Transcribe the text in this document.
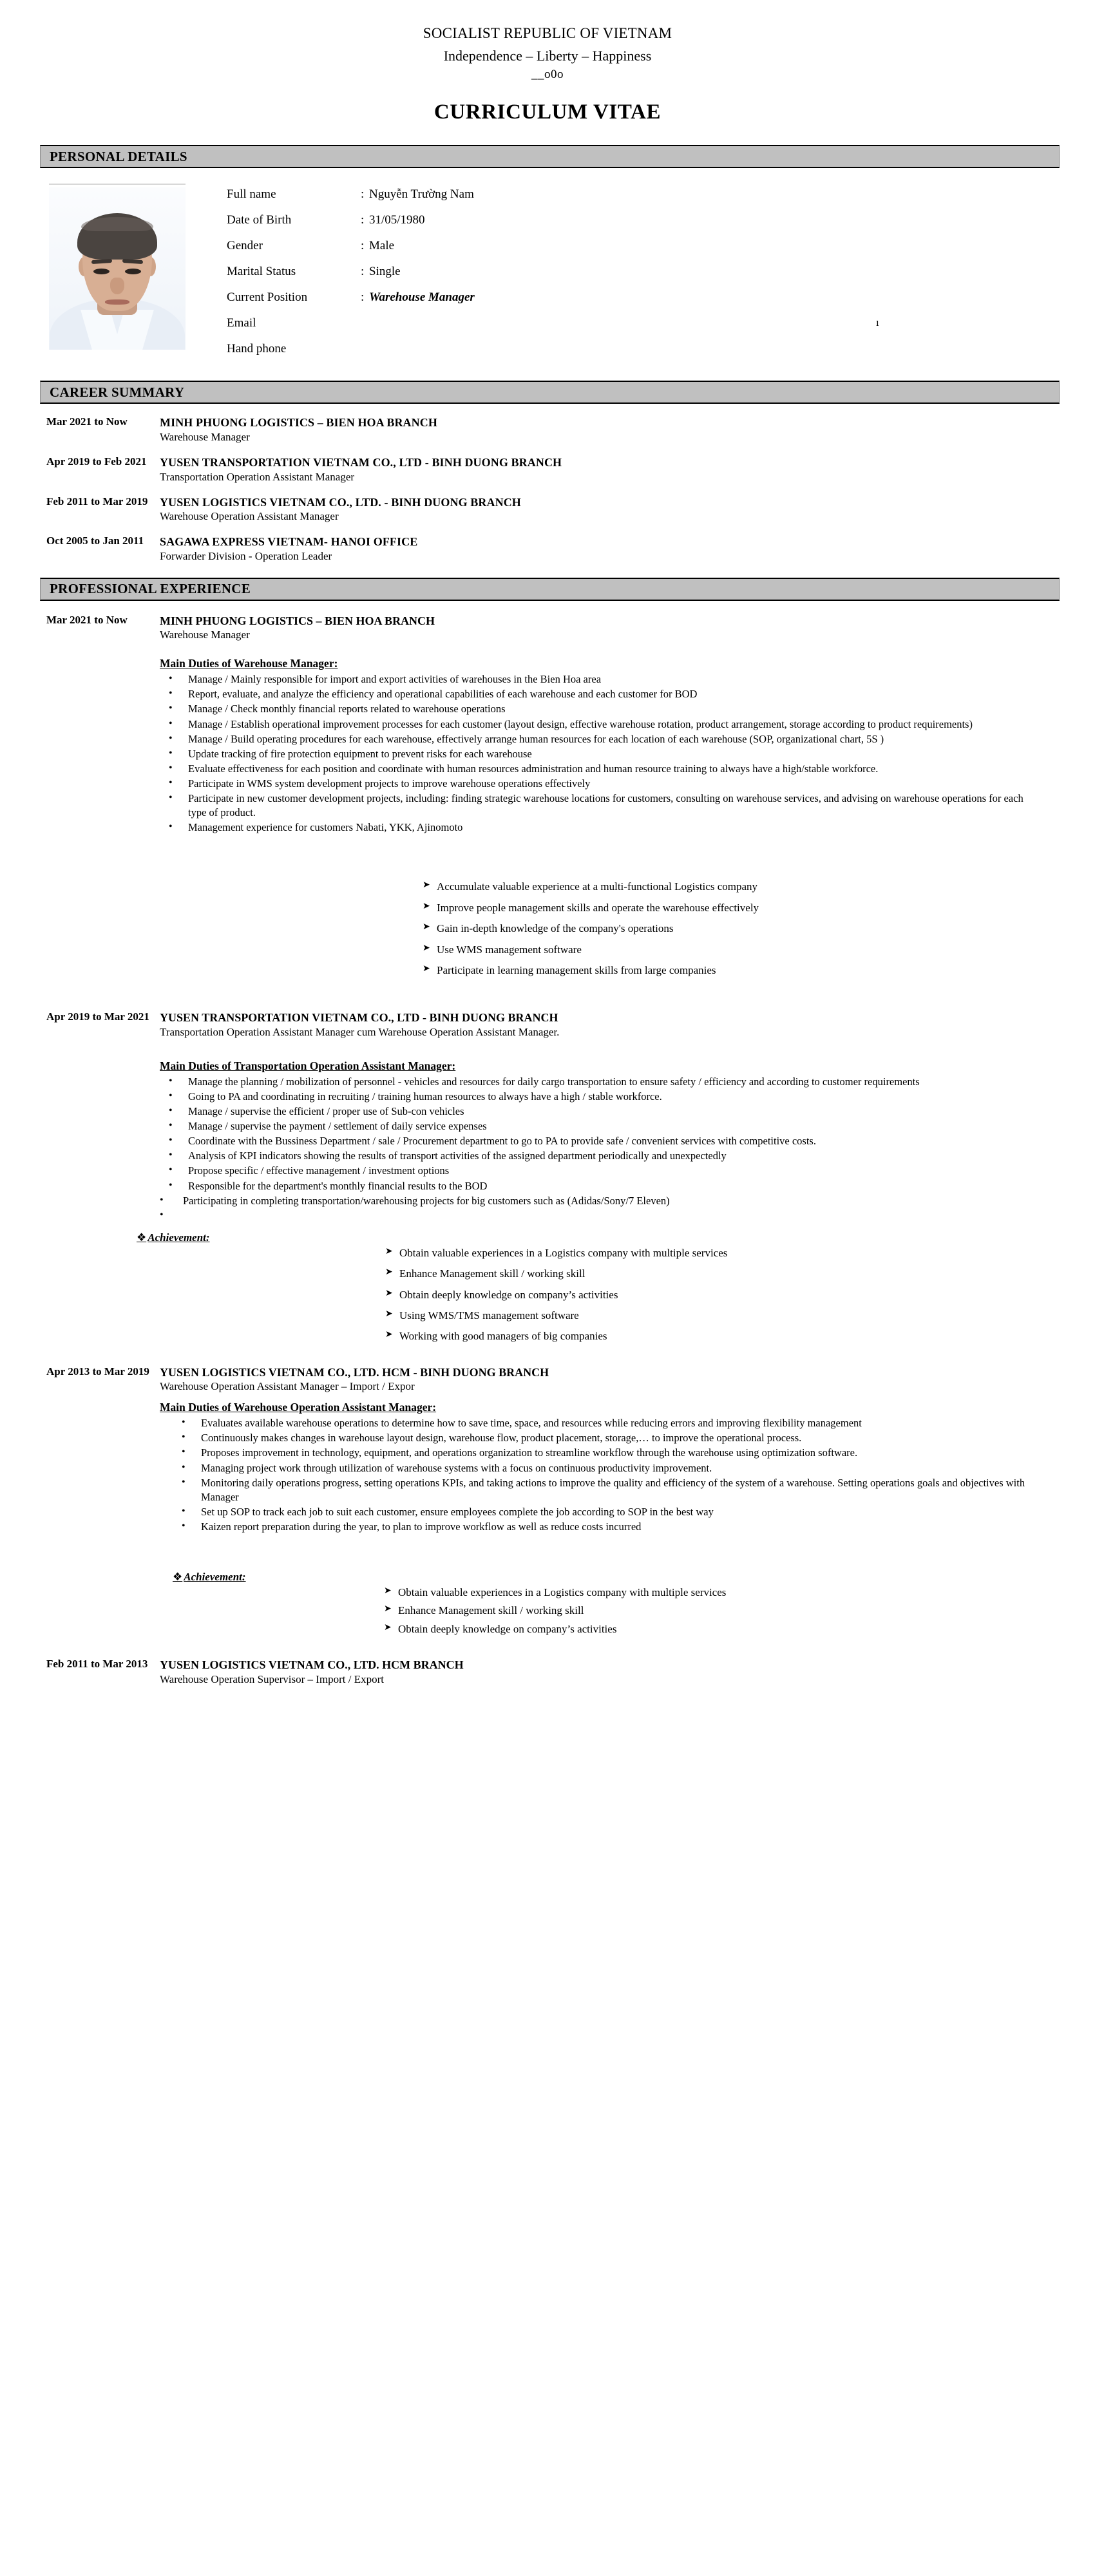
SOCIALIST REPUBLIC OF VIETNAM
Independence – Liberty – Happiness
__o0o
CURRICULUM VITAE
PERSONAL DETAILS
Full name	: Nguyễn Trường Nam
Date of Birth	: 31/05/1980
Gender	: Male
Marital Status	: Single
Current Position	: Warehouse Manager
Email	ı
Hand phone
CAREER SUMMARY
Mar 2021 to Now	MINH PHUONG LOGISTICS – BIEN HOA BRANCH
Warehouse Manager
Apr 2019 to Feb 2021	YUSEN TRANSPORTATION VIETNAM CO., LTD - BINH DUONG BRANCH
Transportation Operation Assistant Manager
Feb 2011 to Mar 2019	YUSEN LOGISTICS VIETNAM CO., LTD. - BINH DUONG BRANCH
Warehouse Operation Assistant Manager
Oct 2005 to Jan 2011	SAGAWA EXPRESS VIETNAM- HANOI OFFICE
Forwarder Division - Operation Leader
PROFESSIONAL EXPERIENCE
Mar 2021 to Now	MINH PHUONG LOGISTICS – BIEN HOA BRANCH
Warehouse Manager
Main Duties of Warehouse Manager:
• Manage / Mainly responsible for import and export activities of warehouses in the Bien Hoa area
• Report, evaluate, and analyze the efficiency and operational capabilities of each warehouse and each customer for BOD
• Manage / Check monthly financial reports related to warehouse operations
• Manage / Establish operational improvement processes for each customer (layout design, effective warehouse rotation, product arrangement, storage according to product requirements)
• Manage / Build operating procedures for each warehouse, effectively arrange human resources for each location of each warehouse (SOP, organizational chart, 5S )
• Update tracking of fire protection equipment to prevent risks for each warehouse
• Evaluate effectiveness for each position and coordinate with human resources administration and human resource training to always have a high/stable workforce.
• Participate in WMS system development projects to improve warehouse operations effectively
• Participate in new customer development projects, including: finding strategic warehouse locations for customers, consulting on warehouse services, and advising on warehouse operations for each type of product.
• Management experience for customers Nabati, YKK, Ajinomoto
➤ Accumulate valuable experience at a multi-functional Logistics company
➤ Improve people management skills and operate the warehouse effectively
➤ Gain in-depth knowledge of the company's operations
➤ Use WMS management software
➤ Participate in learning management skills from large companies
Apr 2019 to Mar 2021 YUSEN TRANSPORTATION VIETNAM CO., LTD - BINH DUONG BRANCH
Transportation Operation Assistant Manager cum Warehouse Operation Assistant Manager.
Main Duties of Transportation Operation Assistant Manager:
• Manage the planning / mobilization of personnel - vehicles and resources for daily cargo transportation to ensure safety / efficiency and according to customer requirements
• Going to PA and coordinating in recruiting / training human resources to always have a high / stable workforce.
• Manage / supervise the efficient / proper use of Sub-con vehicles
• Manage / supervise the payment / settlement of daily service expenses
• Coordinate with the Bussiness Department / sale / Procurement department to go to PA to provide safe / convenient services with competitive costs.
• Analysis of KPI indicators showing the results of transport activities of the assigned department periodically and unexpectedly
• Propose specific / effective management / investment options
• Responsible for the department's monthly financial results to the BOD
• Participating in completing transportation/warehousing projects for big customers such as (Adidas/Sony/7 Eleven)
•
❖ Achievement:
➤ Obtain valuable experiences in a Logistics company with multiple services
➤ Enhance Management skill / working skill
➤ Obtain deeply knowledge on company’s activities
➤ Using WMS/TMS management software
➤ Working with good managers of big companies
Apr 2013 to Mar 2019 YUSEN LOGISTICS VIETNAM CO., LTD. HCM - BINH DUONG BRANCH
Warehouse Operation Assistant Manager – Import / Expor
Main Duties of Warehouse Operation Assistant Manager:
• Evaluates available warehouse operations to determine how to save time, space, and resources while reducing errors and improving flexibility management
• Continuously makes changes in warehouse layout design, warehouse flow, product placement, storage,… to improve the operational process.
• Proposes improvement in technology, equipment, and operations organization to streamline workflow through the warehouse using optimization software.
• Managing project work through utilization of warehouse systems with a focus on continuous productivity improvement.
• Monitoring daily operations progress, setting operations KPIs, and taking actions to improve the quality and efficiency of the system of a warehouse. Setting operations goals and objectives with Manager
• Set up SOP to track each job to suit each customer, ensure employees complete the job according to SOP in the best way
• Kaizen report preparation during the year, to plan to improve workflow as well as reduce costs incurred
❖ Achievement:
➤ Obtain valuable experiences in a Logistics company with multiple services
➤ Enhance Management skill / working skill
➤ Obtain deeply knowledge on company’s activities
Feb 2011 to Mar 2013	YUSEN LOGISTICS VIETNAM CO., LTD. HCM BRANCH
Warehouse Operation Supervisor – Import / Export
